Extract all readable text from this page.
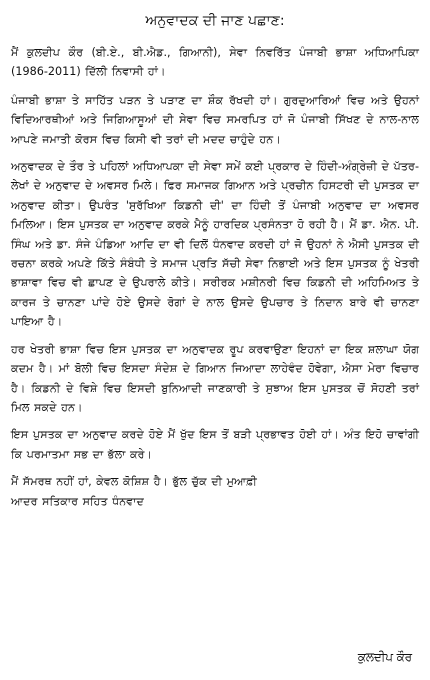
ਅਨੁਵਾਦਕ ਦੀ ਜਾਣ ਪਛਾਣ:

ਮੈਂ ਕੁਲਦੀਪ ਕੌਰ (ਬੀ.ਏ., ਬੀ.ਐਡ., ਗਿਆਨੀ), ਸੇਵਾ ਨਿਵਰਿੱਤ ਪੰਜਾਬੀ ਭਾਸ਼ਾ ਅਧਿਆਪਿਕਾ (1986-2011) ਦਿੱਲੀ ਨਿਵਾਸੀ ਹਾਂ।

ਪੰਜਾਬੀ ਭਾਸ਼ਾ ਤੇ ਸਾਹਿੱਤ ਪੜਨ ਤੇ ਪੜਾਣ ਦਾ ਸ਼ੌਕ ਰੱਖਦੀ ਹਾਂ। ਗੁਰਦੁਆਰਿਆਂ ਵਿਚ ਅਤੇ ਉਹਨਾਂ ਵਿਦਿਆਰਥੀਆਂ ਅਤੇ ਜਿਗਿਆਸੂਆਂ ਦੀ ਸੇਵਾ ਵਿਚ ਸਮਰਪਿਤ ਹਾਂ ਜੋ ਪੰਜਾਬੀ ਸਿੱਖਣ ਦੇ ਨਾਲ-ਨਾਲ ਆਪਣੇ ਜਮਾਤੀ ਕੋਰਸ ਵਿਚ ਕਿਸੀ ਵੀ ਤਰਾਂ ਦੀ ਮਦਦ ਚਾਹੁੰਦੇ ਹਨ।

ਅਨੁਵਾਦਕ ਦੇ ਤੌਰ ਤੇ ਪਹਿਲਾਂ ਅਧਿਆਪਕਾ ਦੀ ਸੇਵਾ ਸਮੇਂ ਕਈ ਪ੍ਰਕਾਰ ਦੇ ਹਿੰਦੀ-ਅੰਗ੍ਰੇਜ਼ੀ ਦੇ ਪੱਤਰ-ਲੇਖਾਂ ਦੇ ਅਨੁਵਾਦ ਦੇ ਅਵਸਰ ਮਿਲੇ। ਫਿਰ ਸਮਾਜਕ ਗਿਆਨ ਅਤੇ ਪ੍ਰਚੀਨ ਹਿਸਟਰੀ ਦੀ ਪੁਸਤਕ ਦਾ ਅਨੁਵਾਦ ਕੀਤਾ। ਉਪਰੰਤ 'ਸੁਰੱਖਿਆ ਕਿਡਨੀ ਦੀ' ਦਾ ਹਿੰਦੀ ਤੋਂ ਪੰਜਾਬੀ ਅਨੁਵਾਦ ਦਾ ਅਵਸਰ ਮਿਲਿਆ। ਇਸ ਪੁਸਤਕ ਦਾ ਅਨੁਵਾਦ ਕਰਕੇ ਮੈਨੂੰ ਹਾਰਦਿਕ ਪ੍ਰਸੰਨਤਾ ਹੋ ਰਹੀ ਹੈ। ਮੈਂ ਡਾ. ਐਨ. ਪੀ. ਸਿੰਘ ਅਤੇ ਡਾ. ਸੰਜੇ ਪੰਡਿਆ ਆਦਿ ਦਾ ਵੀ ਦਿਲੋਂ ਧੰਨਵਾਦ ਕਰਦੀ ਹਾਂ ਜੋ ਉਹਨਾਂ ਨੇ ਐਸੀ ਪੁਸਤਕ ਦੀ ਰਚਨਾ ਕਰਕੇ ਅਪਣੇ ਕਿੱਤੇ ਸੰਬੰਧੀ ਤੇ ਸਮਾਜ ਪ੍ਰਤਿ ਸੱਚੀ ਸੇਵਾ ਨਿਭਾਈ ਅਤੇ ਇਸ ਪੁਸਤਕ ਨੂੰ ਖੇਤਰੀ ਭਾਸ਼ਾਵਾ ਵਿਚ ਵੀ ਛਾਪਣ ਦੇ ਉਪਰਾਲੇ ਕੀਤੇ। ਸਰੀਰਕ ਮਸ਼ੀਨਰੀ ਵਿਚ ਕਿਡਨੀ ਦੀ ਅਹਿਮਿਅਤ ਤੇ ਕਾਰਜ ਤੇ ਚਾਨਣਾ ਪਾਂਦੇ ਹੋਏ ਉਸਦੇ ਰੋਗਾਂ ਦੇ ਨਾਲ ਉਸਦੇ ਉਪਚਾਰ ਤੇ ਨਿਦਾਨ ਬਾਰੇ ਵੀ ਚਾਨਣਾ ਪਾਇਆ ਹੈ।

ਹਰ ਖੇਤਰੀ ਭਾਸ਼ਾ ਵਿਚ ਇਸ ਪੁਸਤਕ ਦਾ ਅਨੁਵਾਦਕ ਰੂਪ ਕਰਵਾਉਣਾ ਇਹਨਾਂ ਦਾ ਇਕ ਸ਼ਲਾਘਾ ਯੋਗ ਕਦਮ ਹੈ। ਮਾਂ ਬੋਲੀ ਵਿਚ ਇਸਦਾ ਸੰਦੇਸ਼ ਦੇ ਗਿਆਨ ਜਿਆਦਾ ਲਾਹੇਵੰਦ ਹੋਵੇਗਾ, ਐਸਾ ਮੇਰਾ ਵਿਚਾਰ ਹੈ। ਕਿਡਨੀ ਦੇ ਵਿਸ਼ੇ ਵਿਚ ਇਸਦੀ ਬੁਨਿਆਦੀ ਜਾਣਕਾਰੀ ਤੇ ਸੁਝਾਅ ਇਸ ਪੁਸਤਕ ਚੋਂ ਸੋਹਣੀ ਤਰਾਂ ਮਿਲ ਸਕਦੇ ਹਨ।

ਇਸ ਪੁਸਤਕ ਦਾ ਅਨੁਵਾਦ ਕਰਦੇ ਹੋਏ ਮੈਂ ਖੁੱਦ ਇਸ ਤੋਂ ਬੜੀ ਪ੍ਰਭਾਵਤ ਹੋਈ ਹਾਂ। ਅੰਤ ਇਹੋ ਚਾਵਾਂਗੀ ਕਿ ਪਰਮਾਤਮਾ ਸਭ ਦਾ ਭੱਲਾ ਕਰੇ।

ਮੈਂ ਸੱਮਰਥ ਨਹੀਂ ਹਾਂ, ਕੇਵਲ ਕੋਸ਼ਿਸ਼ ਹੈ। ਭੁੱਲ ਚੁੱਕ ਦੀ ਮੁਆਫ਼ੀ

ਆਦਰ ਸਤਿਕਾਰ ਸਹਿਤ ਧੰਨਵਾਦ

ਕੁਲਦੀਪ ਕੌਰ
